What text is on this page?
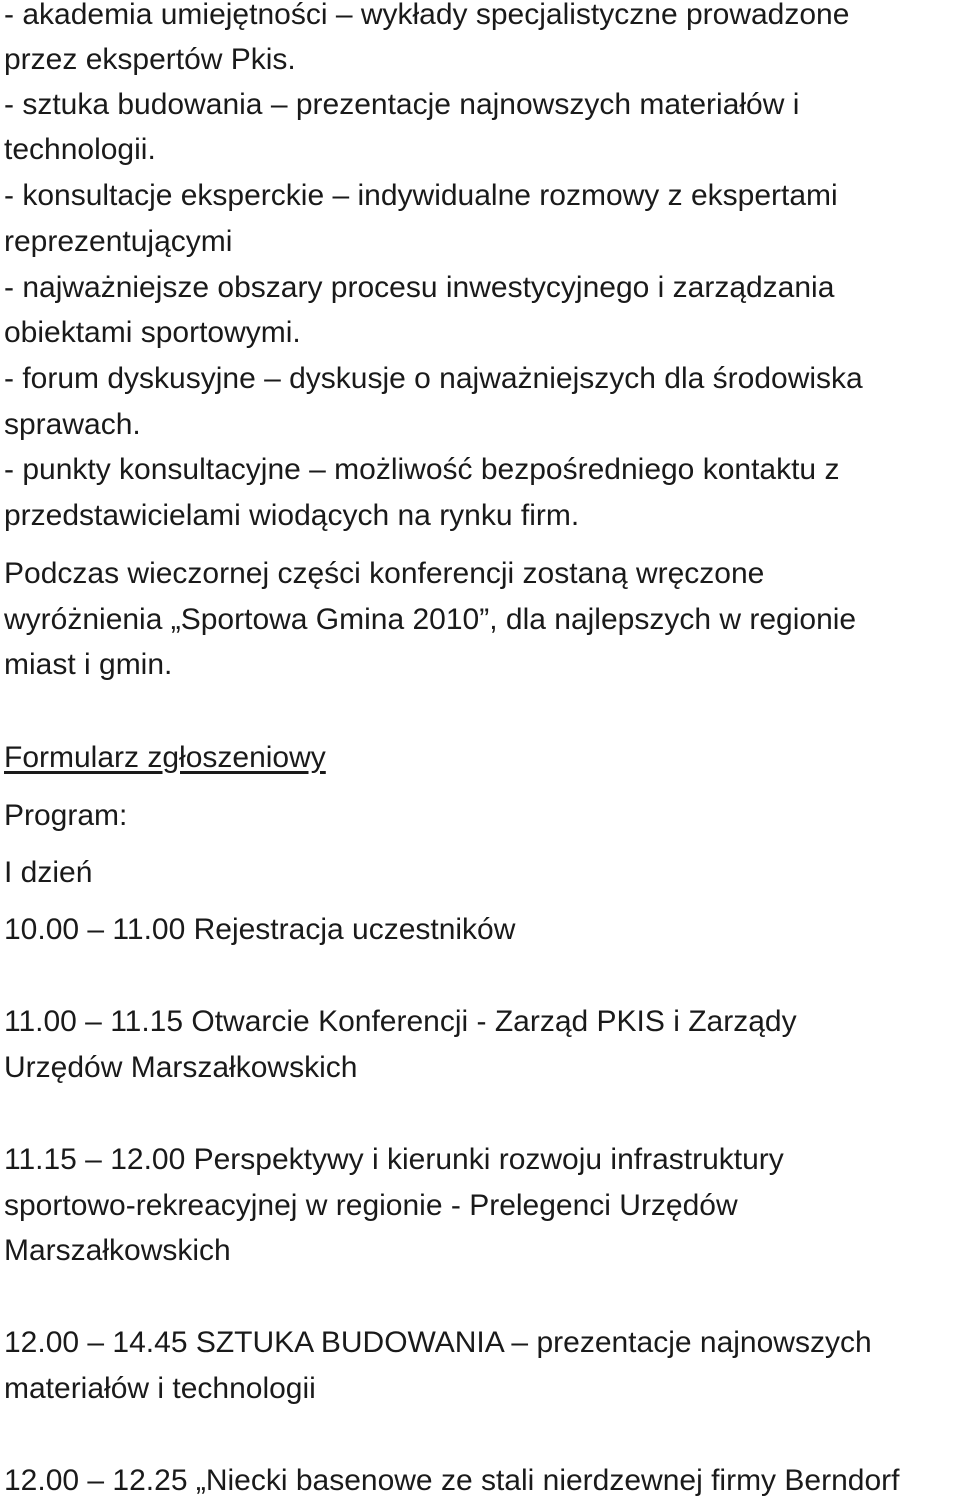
- akademia umiejętności – wykłady specjalistyczne prowadzone
przez ekspertów Pkis.
- sztuka budowania – prezentacje najnowszych materiałów i
technologii.
- konsultacje eksperckie – indywidualne rozmowy z ekspertami
reprezentującymi
- najważniejsze obszary procesu inwestycyjnego i zarządzania
obiektami sportowymi.
- forum dyskusyjne – dyskusje o najważniejszych dla środowiska
sprawach.
- punkty konsultacyjne – możliwość bezpośredniego kontaktu z
przedstawicielami wiodących na rynku firm.
Podczas wieczornej części konferencji zostaną wręczone
wyróżnienia „Sportowa Gmina 2010”, dla najlepszych w regionie
miast i gmin.
Formularz zgłoszeniowy
Program:
I dzień
10.00 – 11.00 Rejestracja uczestników
11.00 – 11.15 Otwarcie Konferencji - Zarząd PKIS i Zarządy
Urzędów Marszałkowskich
11.15 – 12.00 Perspektywy i kierunki rozwoju infrastruktury
sportowo-rekreacyjnej w regionie - Prelegenci Urzędów
Marszałkowskich
12.00 – 14.45 SZTUKA BUDOWANIA – prezentacje najnowszych
materiałów i technologii
12.00 – 12.25 „Niecki basenowe ze stali nierdzewnej firmy Berndorf
